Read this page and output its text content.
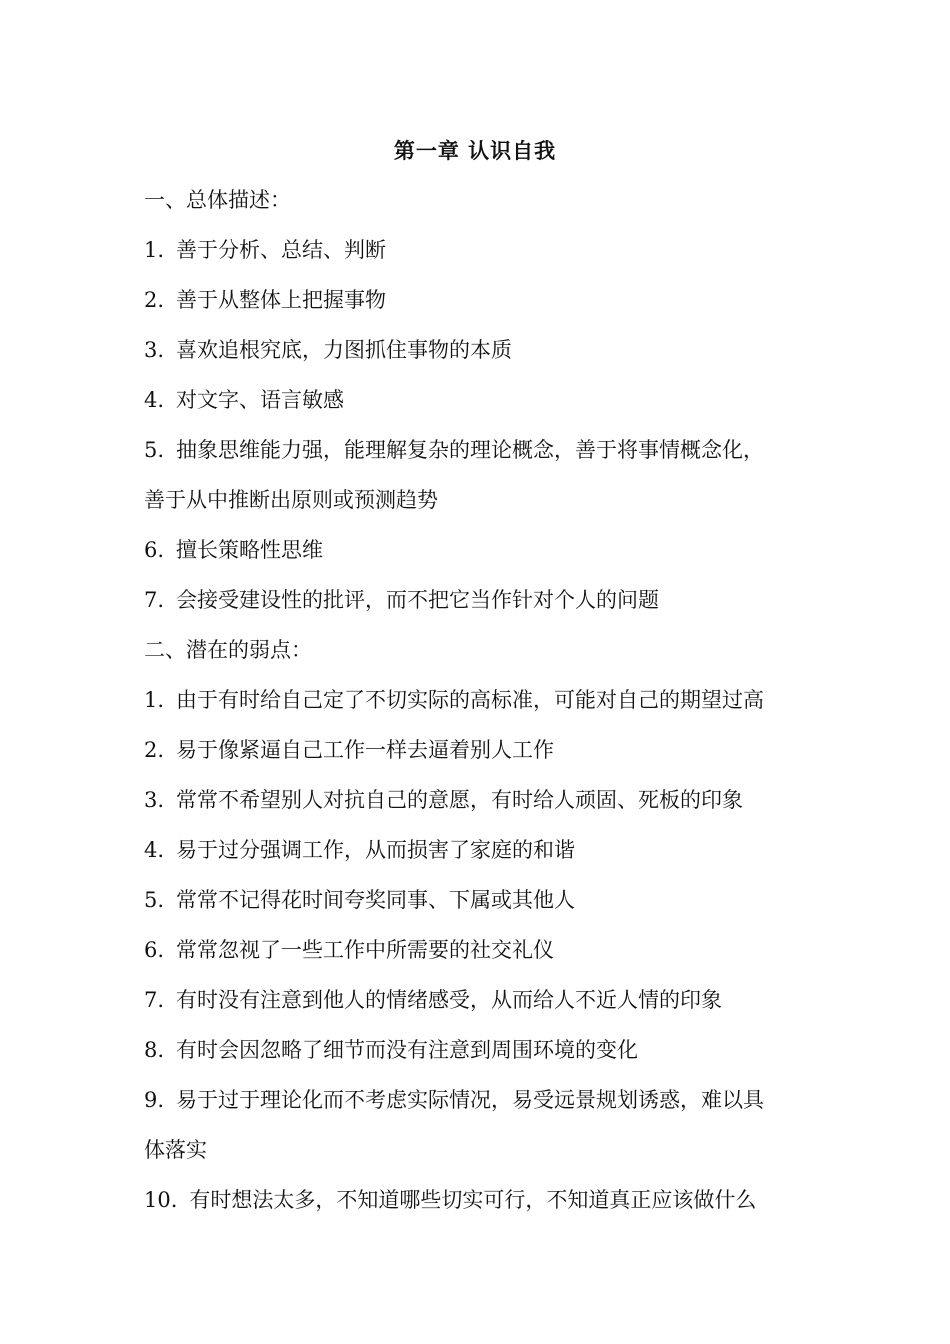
第一章 认识自我
一、总体描述：
1. 善于分析、总结、判断
2. 善于从整体上把握事物
3. 喜欢追根究底，力图抓住事物的本质
4. 对文字、语言敏感
5. 抽象思维能力强，能理解复杂的理论概念，善于将事情概念化，
善于从中推断出原则或预测趋势
6. 擅长策略性思维
7. 会接受建设性的批评，而不把它当作针对个人的问题
二、潜在的弱点：
1. 由于有时给自己定了不切实际的高标准，可能对自己的期望过高
2. 易于像紧逼自己工作一样去逼着别人工作
3. 常常不希望别人对抗自己的意愿，有时给人顽固、死板的印象
4. 易于过分强调工作，从而损害了家庭的和谐
5. 常常不记得花时间夸奖同事、下属或其他人
6. 常常忽视了一些工作中所需要的社交礼仪
7. 有时没有注意到他人的情绪感受，从而给人不近人情的印象
8. 有时会因忽略了细节而没有注意到周围环境的变化
9. 易于过于理论化而不考虑实际情况，易受远景规划诱惑，难以具
体落实
10. 有时想法太多，不知道哪些切实可行，不知道真正应该做什么
